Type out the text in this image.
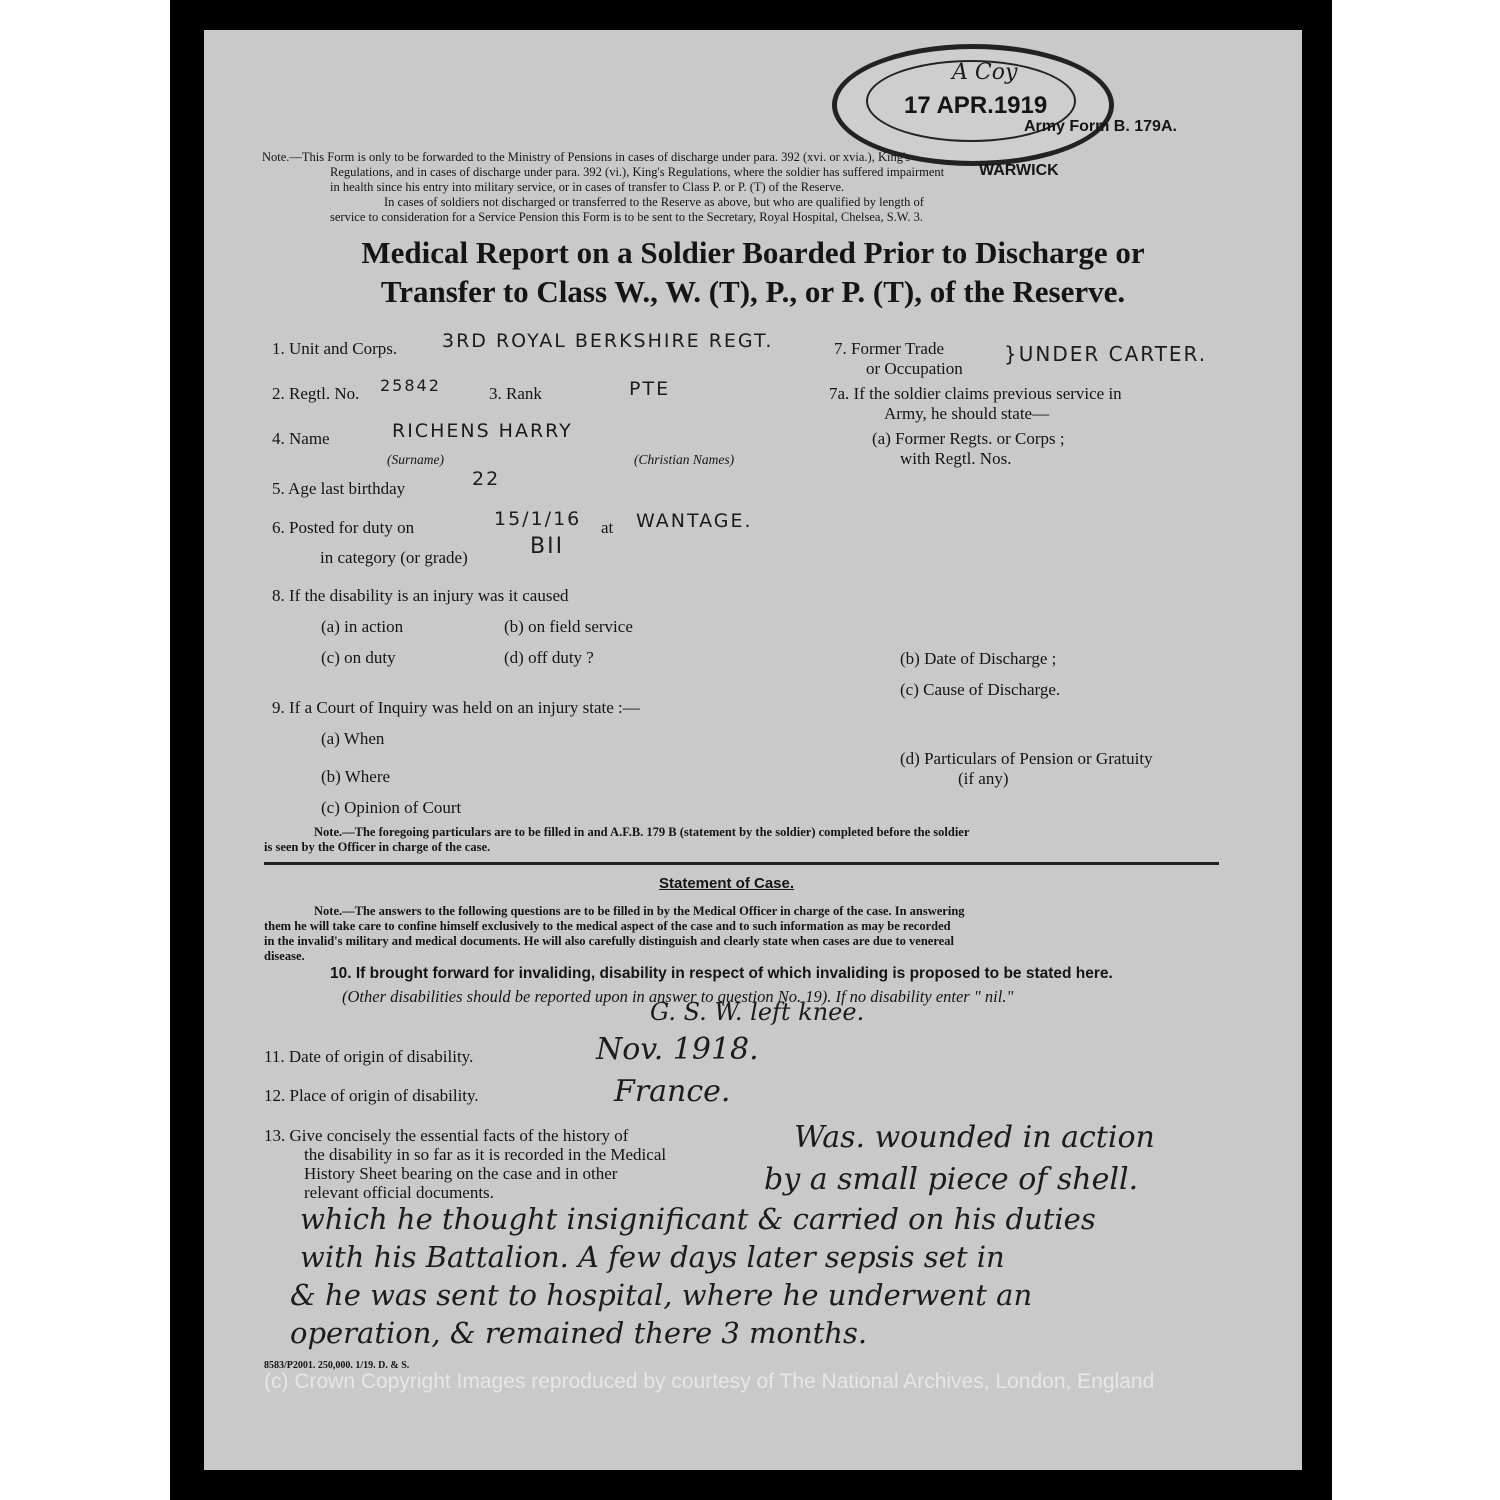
A Coy
17 APR.1919
WARWICK
Army Form B. 179A.
Note.—This Form is only to be forwarded to the Ministry of Pensions in cases of discharge under para. 392 (xvi. or xvia.), King's
Regulations, and in cases of discharge under para. 392 (vi.), King's Regulations, where the soldier has suffered impairment
in health since his entry into military service, or in cases of transfer to Class P. or P. (T) of the Reserve.
In cases of soldiers not discharged or transferred to the Reserve as above, but who are qualified by length of
service to consideration for a Service Pension this Form is to be sent to the Secretary, Royal Hospital, Chelsea, S.W. 3.
Medical Report on a Soldier Boarded Prior to Discharge or
Transfer to Class W., W. (T), P., or P. (T), of the Reserve.
1. Unit and Corps. 3RD ROYAL BERKSHIRE REGT.
2. Regtl. No. 25842	3. Rank	PTE
4. Name	RICHENS HARRY
(Surname)	(Christian Names)
5. Age last birthday	22
6. Posted for duty on	15/1/16 at WANTAGE.
in category (or grade)	BII
8. If the disability is an injury was it caused
(a) in action	(b) on field service
(c) on duty	(d) off duty ?
9. If a Court of Inquiry was held on an injury state :—
(a) When
(b) Where
(c) Opinion of Court
7. Former Trade
or Occupation
}UNDER CARTER.
7a. If the soldier claims previous service in
Army, he should state—
(a) Former Regts. or Corps ;
with Regtl. Nos.
(b) Date of Discharge ;
(c) Cause of Discharge.
(d) Particulars of Pension or Gratuity
(if any)
Note.—The foregoing particulars are to be filled in and A.F.B. 179 B (statement by the soldier) completed before the soldier
is seen by the Officer in charge of the case.
Statement of Case.
Note.—The answers to the following questions are to be filled in by the Medical Officer in charge of the case. In answering
them he will take care to confine himself exclusively to the medical aspect of the case and to such information as may be recorded
in the invalid's military and medical documents. He will also carefully distinguish and clearly state when cases are due to venereal
disease.
10. If brought forward for invaliding, disability in respect of which invaliding is proposed to be stated here.
(Other disabilities should be reported upon in answer to question No. 19). If no disability enter " nil."
G. S. W. left knee.
11. Date of origin of disability.	Nov. 1918.
12. Place of origin of disability.	France.
13. Give concisely the essential facts of the history of
the disability in so far as it is recorded in the Medical
History Sheet bearing on the case and in other
relevant official documents.
Was. wounded in action
by a small piece of shell.
which he thought insignificant & carried on his duties
with his Battalion. A few days later sepsis set in
& he was sent to hospital, where he underwent an
operation, & remained there 3 months.
8583/P2001. 250,000. 1/19. D. & S.
(c) Crown Copyright Images reproduced by courtesy of The National Archives, London, England
